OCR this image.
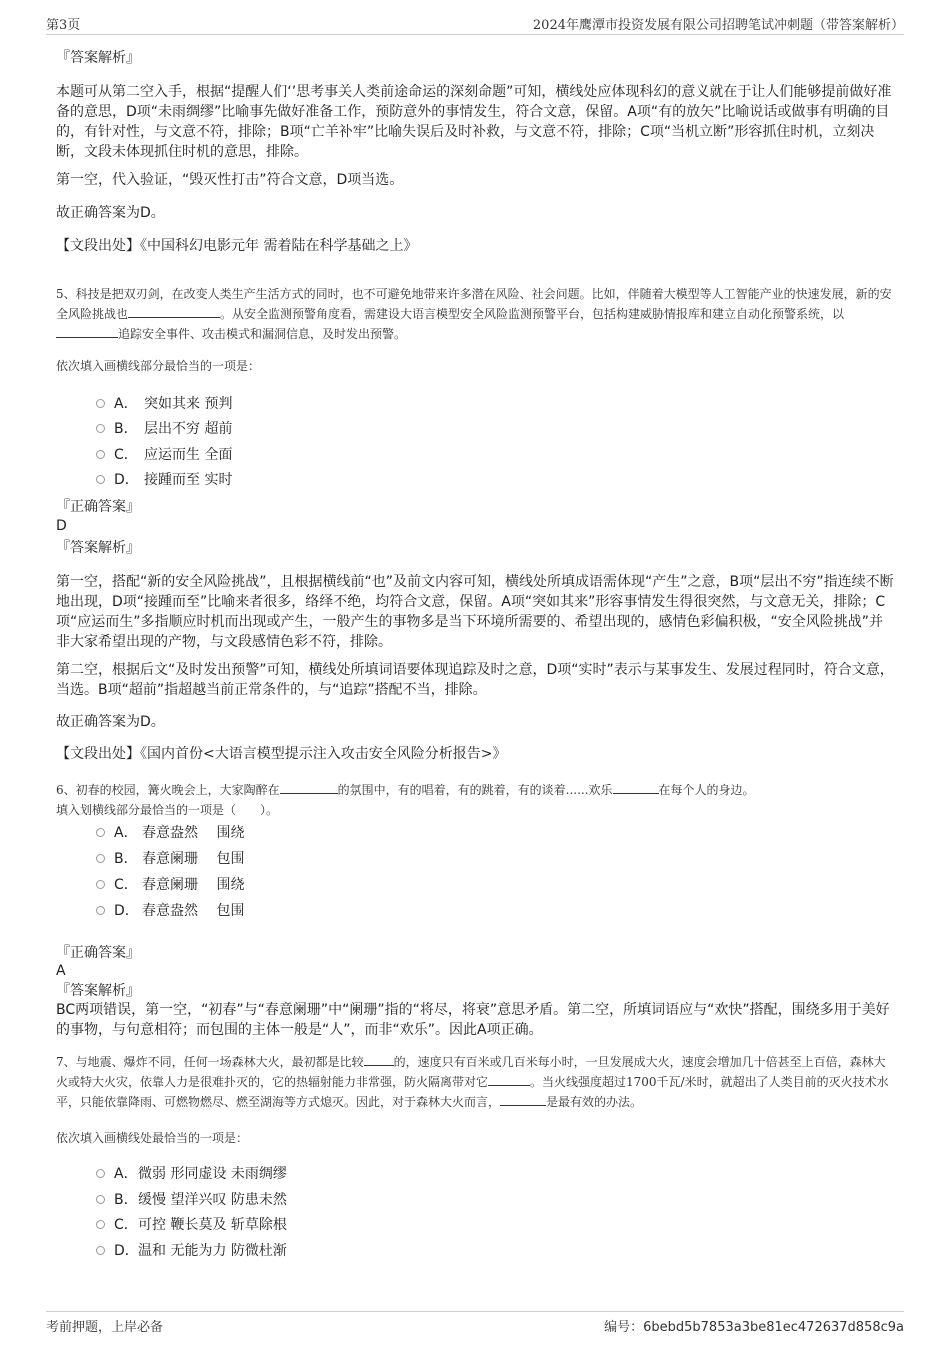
第3页	2024年鹰潭市投资发展有限公司招聘笔试冲刺题（带答案解析）
『答案解析』
本题可从第二空入手，根据“提醒人们‘’思考事关人类前途命运的深刻命题”可知，横线处应体现科幻的意义就在于让人们能够提前做好准备的意思，D项“未雨绸缪”比喻事先做好准备工作，预防意外的事情发生，符合文意，保留。A项“有的放矢”比喻说话或做事有明确的目的，有针对性，与文意不符，排除；B项“亡羊补牢”比喻失误后及时补救，与文意不符，排除；C项“当机立断”形容抓住时机，立刻决断，文段未体现抓住时机的意思，排除。
第一空，代入验证，“毁灭性打击”符合文意，D项当选。
故正确答案为D。
【文段出处】《中国科幻电影元年 需着陆在科学基础之上》
5、科技是把双刃剑，在改变人类生产生活方式的同时，也不可避免地带来许多潜在风险、社会问题。比如，伴随着大模型等人工智能产业的快速发展，新的安全风险挑战也	。从安全监测预警角度看，需建设大语言模型安全风险监测预警平台，包括构建威胁情报库和建立自动化预警系统，以追踪安全事件、攻击模式和漏洞信息，及时发出预警。
依次填入画横线部分最恰当的一项是：
A． 突如其来 预判
B． 层出不穷 超前
C． 应运而生 全面
D． 接踵而至 实时
『正确答案』
D
『答案解析』
第一空，搭配“新的安全风险挑战”，且根据横线前“也”及前文内容可知，横线处所填成语需体现“产生”之意，B项“层出不穷”指连续不断地出现，D项“接踵而至”比喻来者很多，络绎不绝，均符合文意，保留。A项“突如其来”形容事情发生得很突然，与文意无关，排除；C项“应运而生”多指顺应时机而出现或产生，一般产生的事物多是当下环境所需要的、希望出现的，感情色彩偏积极，“安全风险挑战”并非大家希望出现的产物，与文段感情色彩不符，排除。
第二空，根据后文“及时发出预警”可知，横线处所填词语要体现追踪及时之意，D项“实时”表示与某事发生、发展过程同时，符合文意，当选。B项“超前”指超越当前正常条件的，与“追踪”搭配不当，排除。
故正确答案为D。
【文段出处】《国内首份<大语言模型提示注入攻击安全风险分析报告>》
6、初春的校园，篝火晚会上，大家陶醉在	的氛围中，有的唱着，有的跳着，有的谈着......欢乐	在每个人的身边。
填入划横线部分最恰当的一项是（　　）。
A． 春意盎然　 围绕
B． 春意阑珊　 包围
C． 春意阑珊　 围绕
D． 春意盎然　 包围
『正确答案』
A
『答案解析』
BC两项错误，第一空，“初春”与“春意阑珊”中“阑珊”指的“将尽，将衰”意思矛盾。第二空，所填词语应与“欢快”搭配，围绕多用于美好的事物，与句意相符；而包围的主体一般是“人”，而非“欢乐”。因此A项正确。
7、与地震、爆炸不同，任何一场森林大火，最初都是比较	的，速度只有百米或几百米每小时，一旦发展成大火，速度会增加几十倍甚至上百倍，森林大火或特大火灾，依靠人力是很难扑灭的，它的热辐射能力非常强，防火隔离带对它	。当火线强度超过1700千瓦/米时，就超出了人类目前的灭火技术水平，只能依靠降雨、可燃物燃尽、燃至湖海等方式熄灭。因此，对于森林大火而言，	是最有效的办法。
依次填入画横线处最恰当的一项是：
A． 微弱 形同虚设 未雨绸缪
B． 缓慢 望洋兴叹 防患未然
C． 可控 鞭长莫及 斩草除根
D． 温和 无能为力 防微杜渐
考前押题，上岸必备	编号：6bebd5b7853a3be81ec472637d858c9a
